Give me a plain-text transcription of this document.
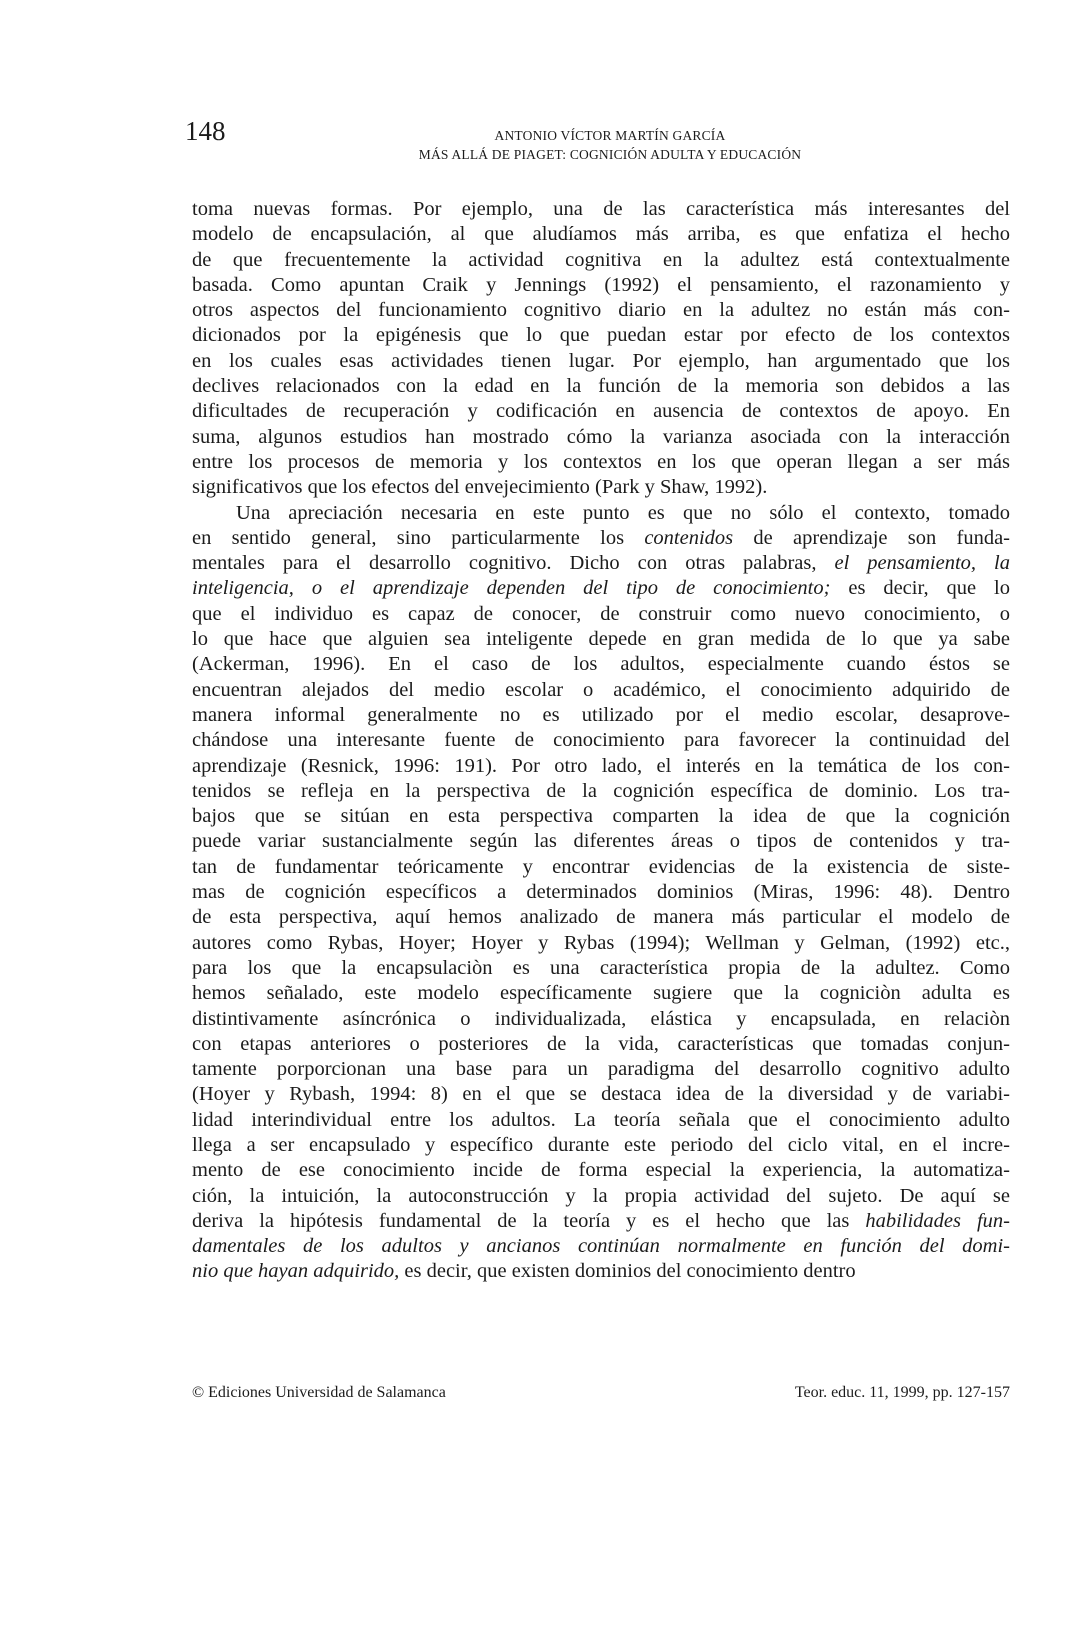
148	ANTONIO VÍCTOR MARTÍN GARCÍA
MÁS ALLÁ DE PIAGET: COGNICIÓN ADULTA Y EDUCACIÓN
toma nuevas formas. Por ejemplo, una de las característica más interesantes del
modelo de encapsulación, al que aludíamos más arriba, es que enfatiza el hecho
de que frecuentemente la actividad cognitiva en la adultez está contextualmente
basada. Como apuntan Craik y Jennings (1992) el pensamiento, el razonamiento y
otros aspectos del funcionamiento cognitivo diario en la adultez no están más con-
dicionados por la epigénesis que lo que puedan estar por efecto de los contextos
en los cuales esas actividades tienen lugar. Por ejemplo, han argumentado que los
declives relacionados con la edad en la función de la memoria son debidos a las
dificultades de recuperación y codificación en ausencia de contextos de apoyo. En
suma, algunos estudios han mostrado cómo la varianza asociada con la interacción
entre los procesos de memoria y los contextos en los que operan llegan a ser más
significativos que los efectos del envejecimiento (Park y Shaw, 1992).
Una apreciación necesaria en este punto es que no sólo el contexto, tomado
en sentido general, sino particularmente los contenidos de aprendizaje son funda-
mentales para el desarrollo cognitivo. Dicho con otras palabras, el pensamiento, la
inteligencia, o el aprendizaje dependen del tipo de conocimiento; es decir, que lo
que el individuo es capaz de conocer, de construir como nuevo conocimiento, o
lo que hace que alguien sea inteligente depede en gran medida de lo que ya sabe
(Ackerman, 1996). En el caso de los adultos, especialmente cuando éstos se
encuentran alejados del medio escolar o académico, el conocimiento adquirido de
manera informal generalmente no es utilizado por el medio escolar, desaprove-
chándose una interesante fuente de conocimiento para favorecer la continuidad del
aprendizaje (Resnick, 1996: 191). Por otro lado, el interés en la temática de los con-
tenidos se refleja en la perspectiva de la cognición específica de dominio. Los tra-
bajos que se sitúan en esta perspectiva comparten la idea de que la cognición
puede variar sustancialmente según las diferentes áreas o tipos de contenidos y tra-
tan de fundamentar teóricamente y encontrar evidencias de la existencia de siste-
mas de cognición específicos a determinados dominios (Miras, 1996: 48). Dentro
de esta perspectiva, aquí hemos analizado de manera más particular el modelo de
autores como Rybas, Hoyer; Hoyer y Rybas (1994); Wellman y Gelman, (1992) etc.,
para los que la encapsulaciòn es una característica propia de la adultez. Como
hemos señalado, este modelo específicamente sugiere que la cogniciòn adulta es
distintivamente asíncrónica o individualizada, elástica y encapsulada, en relaciòn
con etapas anteriores o posteriores de la vida, características que tomadas conjun-
tamente porporcionan una base para un paradigma del desarrollo cognitivo adulto
(Hoyer y Rybash, 1994: 8) en el que se destaca idea de la diversidad y de variabi-
lidad interindividual entre los adultos. La teoría señala que el conocimiento adulto
llega a ser encapsulado y específico durante este periodo del ciclo vital, en el incre-
mento de ese conocimiento incide de forma especial la experiencia, la automatiza-
ción, la intuición, la autoconstrucción y la propia actividad del sujeto. De aquí se
deriva la hipótesis fundamental de la teoría y es el hecho que las habilidades fun-
damentales de los adultos y ancianos continúan normalmente en función del domi-
nio que hayan adquirido, es decir, que existen dominios del conocimiento dentro
© Ediciones Universidad de Salamanca	Teor. educ. 11, 1999, pp. 127-157
